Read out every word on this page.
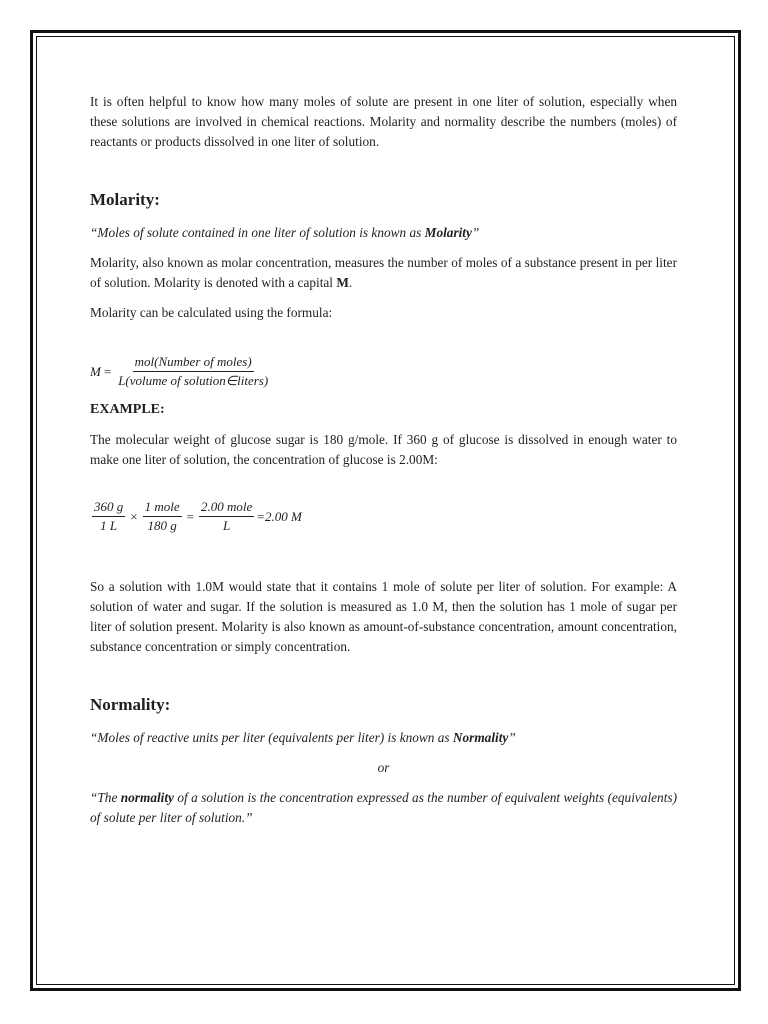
It is often helpful to know how many moles of solute are present in one liter of solution, especially when these solutions are involved in chemical reactions. Molarity and normality describe the numbers (moles) of reactants or products dissolved in one liter of solution.

Molarity:

“Moles of solute contained in one liter of solution is known as Molarity”

Molarity, also known as molar concentration, measures the number of moles of a substance present in per liter of solution. Molarity is denoted with a capital M.

Molarity can be calculated using the formula:

$M = \frac{\text{mol(Number of moles)}}{\text{L(volume of solution∈liters)}}$
EXAMPLE:

The molecular weight of glucose sugar is 180 g/mole. If 360 g of glucose is dissolved in enough water to make one liter of solution, the concentration of glucose is 2.00M:

$\frac{360 g}{1 L} \times \frac{\text{1 mole}}{180 g} = \frac{\text{2.00 mole}}{L} =2.00$ M

So a solution with 1.0M would state that it contains 1 mole of solute per liter of solution. For example: A solution of water and sugar. If the solution is measured as 1.0 M, then the solution has 1 mole of sugar per liter of solution present. Molarity is also known as amount-of-substance concentration, amount concentration, substance concentration or simply concentration.

Normality:

“Moles of reactive units per liter (equivalents per liter) is known as Normality”

or

“The normality of a solution is the concentration expressed as the number of equivalent weights (equivalents) of solute per liter of solution.”
